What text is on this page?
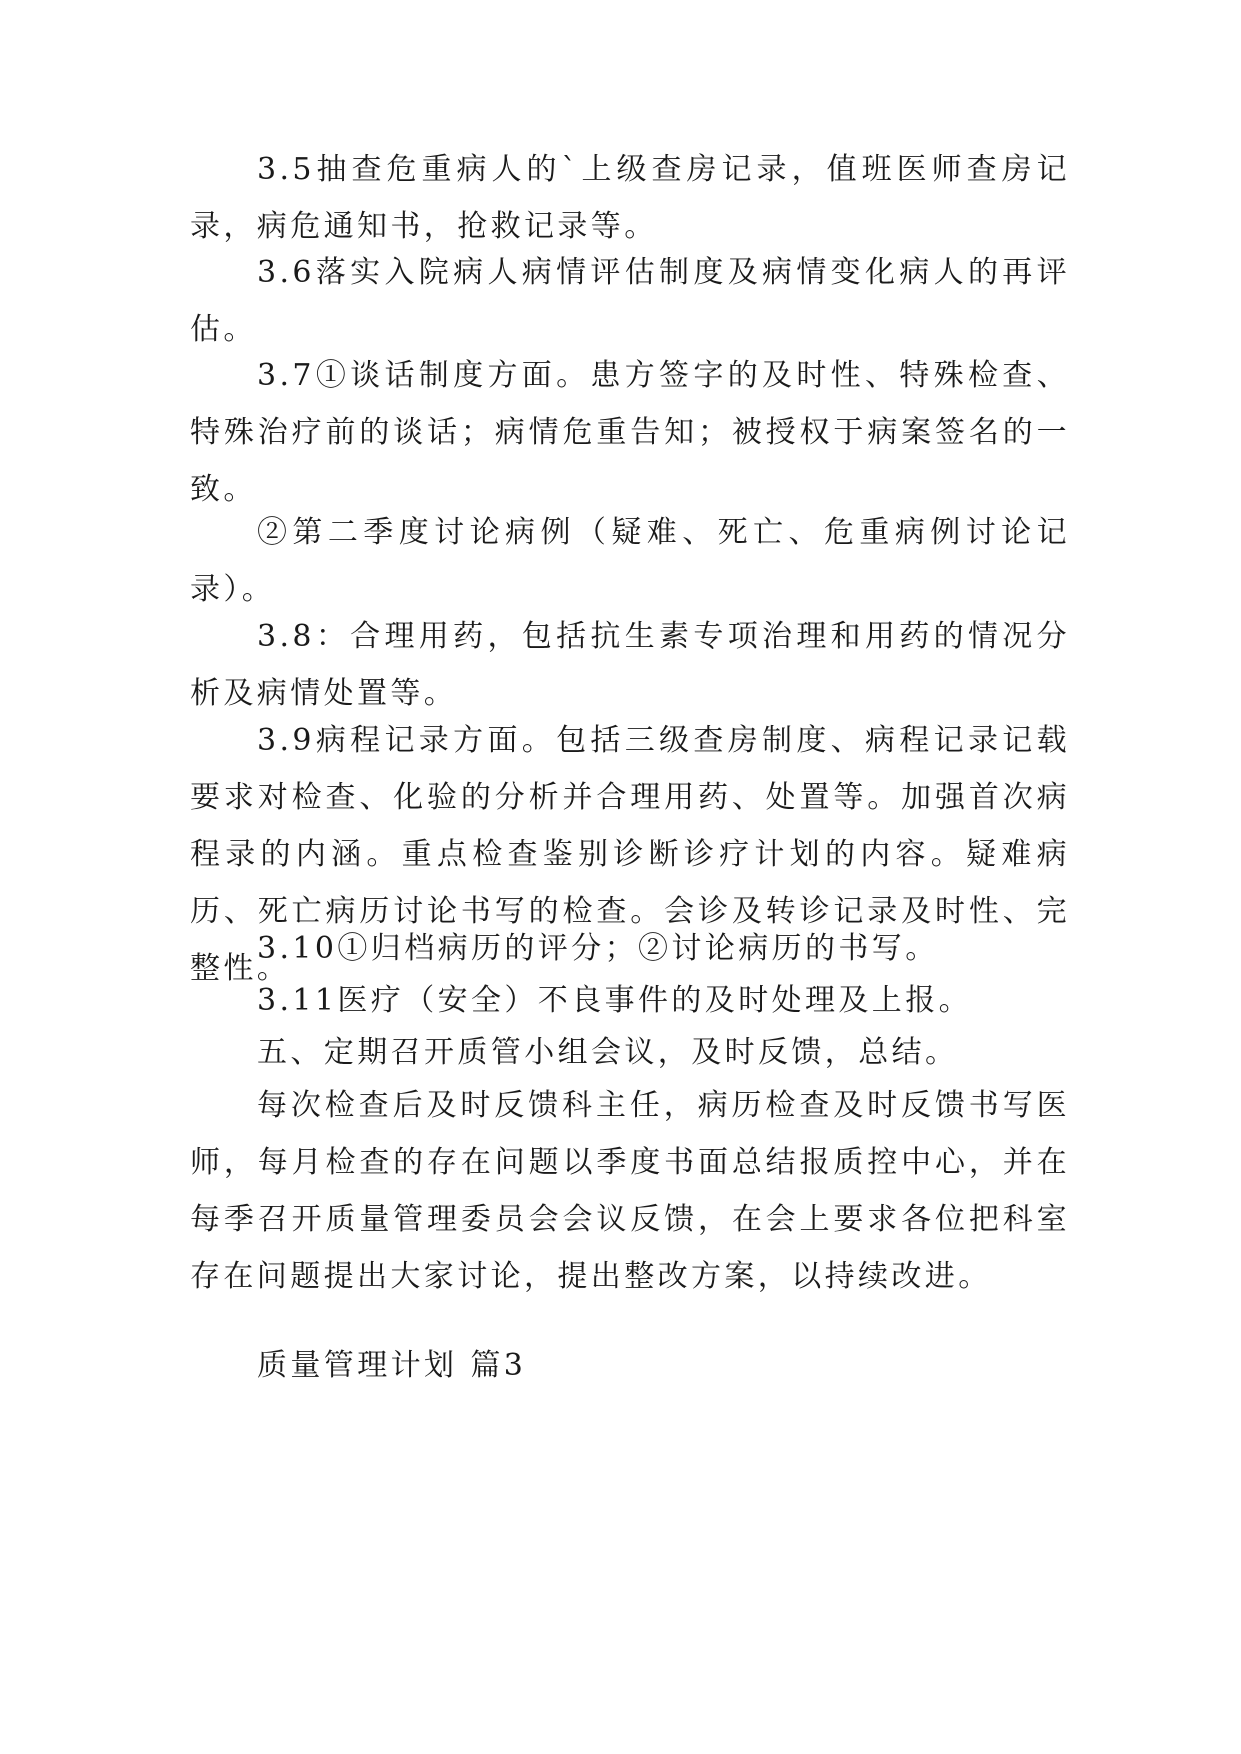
3.5抽查危重病人的`上级查房记录，值班医师查房记录，病危通知书，抢救记录等。

3.6落实入院病人病情评估制度及病情变化病人的再评估。

3.7①谈话制度方面。患方签字的及时性、特殊检查、特殊治疗前的谈话；病情危重告知；被授权于病案签名的一致。

②第二季度讨论病例（疑难、死亡、危重病例讨论记录）。

3.8：合理用药，包括抗生素专项治理和用药的情况分析及病情处置等。

3.9病程记录方面。包括三级查房制度、病程记录记载要求对检查、化验的分析并合理用药、处置等。加强首次病程录的内涵。重点检查鉴别诊断诊疗计划的内容。疑难病历、死亡病历讨论书写的检查。会诊及转诊记录及时性、完整性。

3.10①归档病历的评分；②讨论病历的书写。

3.11医疗（安全）不良事件的及时处理及上报。

五、定期召开质管小组会议，及时反馈，总结。

每次检查后及时反馈科主任，病历检查及时反馈书写医师，每月检查的存在问题以季度书面总结报质控中心，并在每季召开质量管理委员会会议反馈，在会上要求各位把科室存在问题提出大家讨论，提出整改方案，以持续改进。

质量管理计划 篇3
